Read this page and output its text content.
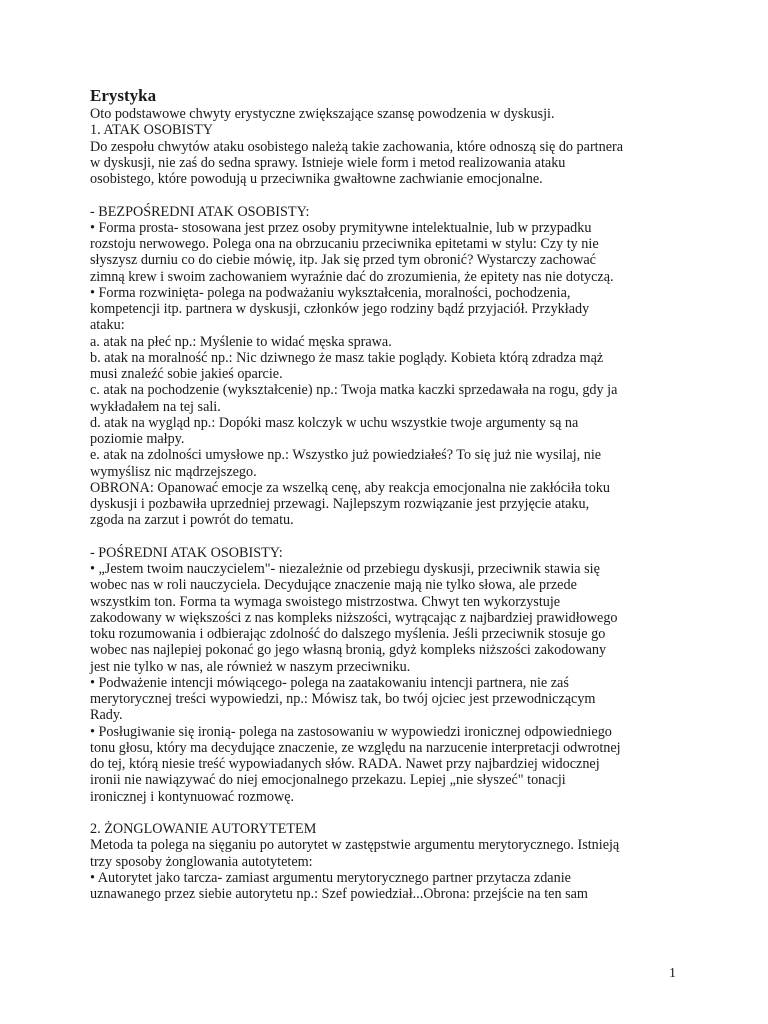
Erystyka
Oto podstawowe chwyty erystyczne zwiększające szansę powodzenia w dyskusji.
1. ATAK OSOBISTY
Do zespołu chwytów ataku osobistego należą takie zachowania, które odnoszą się do partnera
w dyskusji, nie zaś do sedna sprawy. Istnieje wiele form i metod realizowania ataku
osobistego, które powodują u przeciwnika gwałtowne zachwianie emocjonalne.
- BEZPOŚREDNI ATAK OSOBISTY:
• Forma prosta- stosowana jest przez osoby prymitywne intelektualnie, lub w przypadku
rozstoju nerwowego. Polega ona na obrzucaniu przeciwnika epitetami w stylu: Czy ty nie
słyszysz durniu co do ciebie mówię, itp. Jak się przed tym obronić? Wystarczy zachować
zimną krew i swoim zachowaniem wyraźnie dać do zrozumienia, że epitety nas nie dotyczą.
• Forma rozwinięta- polega na podważaniu wykształcenia, moralności, pochodzenia,
kompetencji itp. partnera w dyskusji, członków jego rodziny bądź przyjaciół. Przykłady
ataku:
a. atak na płeć np.: Myślenie to widać męska sprawa.
b. atak na moralność np.: Nic dziwnego że masz takie poglądy. Kobieta którą zdradza mąż
musi znaleźć sobie jakieś oparcie.
c. atak na pochodzenie (wykształcenie) np.: Twoja matka kaczki sprzedawała na rogu, gdy ja
wykładałem na tej sali.
d. atak na wygląd np.: Dopóki masz kolczyk w uchu wszystkie twoje argumenty są na
poziomie małpy.
e. atak na zdolności umysłowe np.: Wszystko już powiedziałeś? To się już nie wysilaj, nie
wymyślisz nic mądrzejszego.
OBRONA: Opanować emocje za wszelką cenę, aby reakcja emocjonalna nie zakłóciła toku
dyskusji i pozbawiła uprzedniej przewagi. Najlepszym rozwiązanie jest przyjęcie ataku,
zgoda na zarzut i powrót do tematu.
- POŚREDNI ATAK OSOBISTY:
• „Jestem twoim nauczycielem"- niezależnie od przebiegu dyskusji, przeciwnik stawia się
wobec nas w roli nauczyciela. Decydujące znaczenie mają nie tylko słowa, ale przede
wszystkim ton. Forma ta wymaga swoistego mistrzostwa. Chwyt ten wykorzystuje
zakodowany w większości z nas kompleks niższości, wytrącając z najbardziej prawidłowego
toku rozumowania i odbierając zdolność do dalszego myślenia. Jeśli przeciwnik stosuje go
wobec nas najlepiej pokonać go jego własną bronią, gdyż kompleks niższości zakodowany
jest nie tylko w nas, ale również w naszym przeciwniku.
• Podważenie intencji mówiącego- polega na zaatakowaniu intencji partnera, nie zaś
merytorycznej treści wypowiedzi, np.: Mówisz tak, bo twój ojciec jest przewodniczącym
Rady.
• Posługiwanie się ironią- polega na zastosowaniu w wypowiedzi ironicznej odpowiedniego
tonu głosu, który ma decydujące znaczenie, ze względu na narzucenie interpretacji odwrotnej
do tej, którą niesie treść wypowiadanych słów. RADA. Nawet przy najbardziej widocznej
ironii nie nawiązywać do niej emocjonalnego przekazu. Lepiej „nie słyszeć" tonacji
ironicznej i kontynuować rozmowę.
2. ŻONGLOWANIE AUTORYTETEM
Metoda ta polega na sięganiu po autorytet w zastępstwie argumentu merytorycznego. Istnieją
trzy sposoby żonglowania autotytetem:
• Autorytet jako tarcza- zamiast argumentu merytorycznego partner przytacza zdanie
uznawanego przez siebie autorytetu np.: Szef powiedział...Obrona: przejście na ten sam
1
